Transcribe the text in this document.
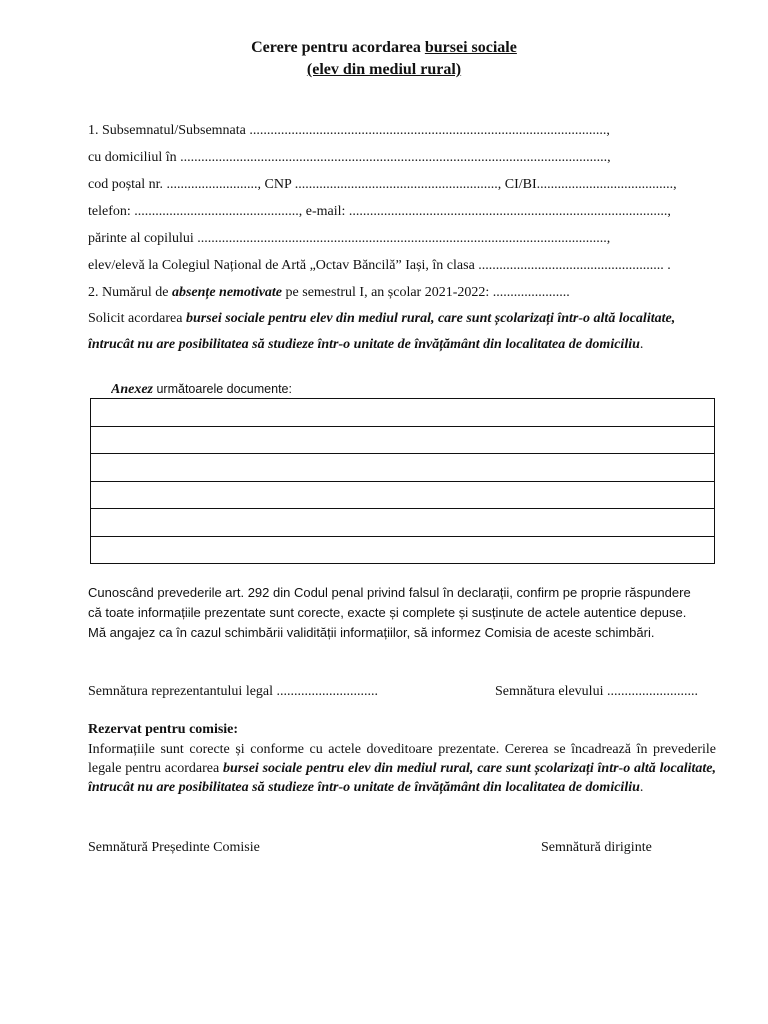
Cerere pentru acordarea bursei sociale
(elev din mediul rural)
1. Subsemnatul/Subsemnata ......................................................................................................,
cu domiciliul în ..........................................................................................................................,
cod poștal nr. .........................., CNP .........................................................., CI/BI.......................................,
telefon: ..............................................., e-mail: ...........................................................................................,
părinte al copilului .....................................................................................................................,
elev/elevă la Colegiul Național de Artă „Octav Băncilă” Iași, în clasa ..................................................... .
2. Numărul de absențe nemotivate pe semestrul I, an școlar 2021-2022: ......................
Solicit acordarea bursei sociale pentru elev din mediul rural, care sunt școlarizați într-o altă localitate,
întrucât nu are posibilitatea să studieze într-o unitate de învățământ din localitatea de domiciliu.
Anexez următoarele documente:

Cunoscând prevederile art. 292 din Codul penal privind falsul în declarații, confirm pe proprie răspundere
că toate informațiile prezentate sunt corecte, exacte și complete și susținute de actele autentice depuse.
Mă angajez ca în cazul schimbării validității informațiilor, să informez Comisia de aceste schimbări.
Semnătura reprezentantului legal .............................	Semnătura elevului ..........................
Rezervat pentru comisie:
Informațiile sunt corecte și conforme cu actele doveditoare prezentate. Cererea se încadrează în prevederile legale pentru acordarea bursei sociale pentru elev din mediul rural, care sunt școlarizați într-o altă localitate, întrucât nu are posibilitatea să studieze într-o unitate de învățământ din localitatea de domiciliu.
Semnătură Președinte Comisie	Semnătură diriginte
